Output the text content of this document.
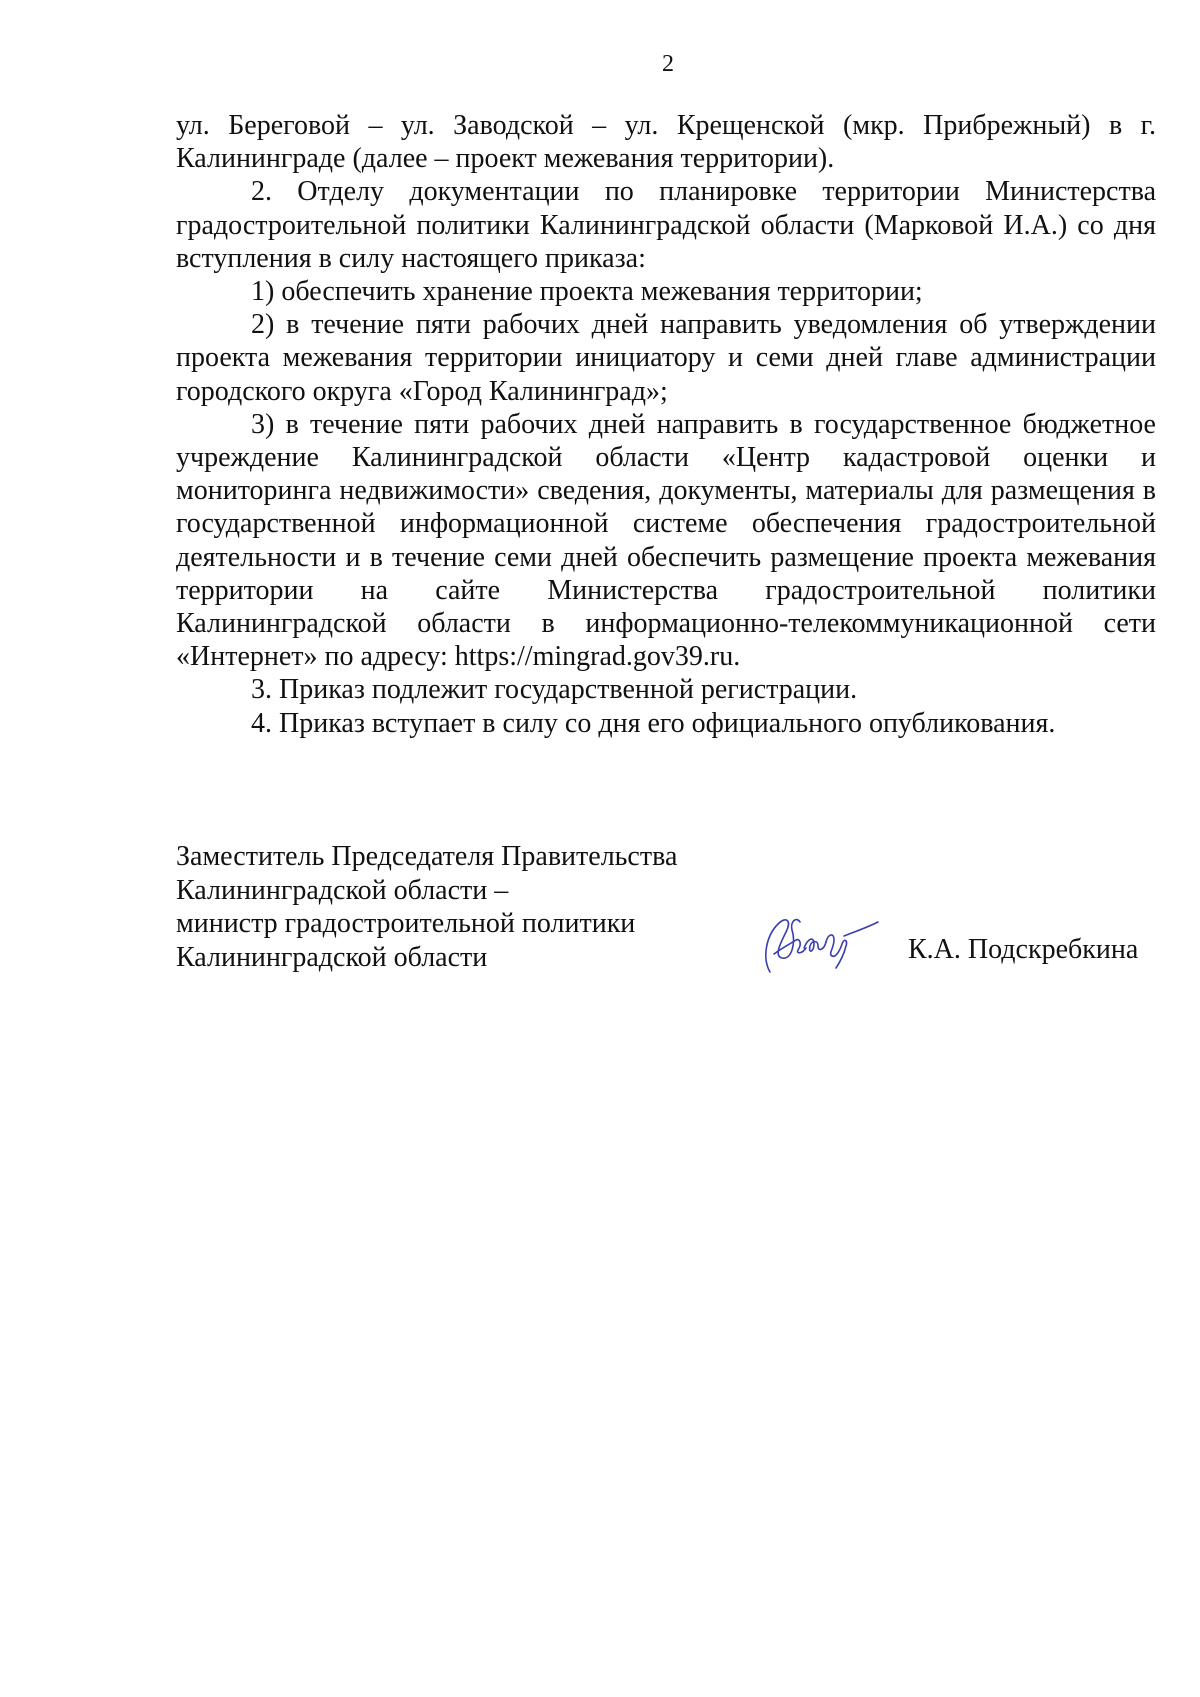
2

ул. Береговой – ул. Заводской – ул. Крещенской (мкр. Прибрежный) в г. Калининграде (далее – проект межевания территории).

2. Отделу документации по планировке территории Министерства градостроительной политики Калининградской области (Марковой И.А.) со дня вступления в силу настоящего приказа:

1) обеспечить хранение проекта межевания территории;

2) в течение пяти рабочих дней направить уведомления об утверждении проекта межевания территории инициатору и семи дней главе администрации городского округа «Город Калининград»;

3) в течение пяти рабочих дней направить в государственное бюджетное учреждение Калининградской области «Центр кадастровой оценки и мониторинга недвижимости» сведения, документы, материалы для размещения в государственной информационной системе обеспечения градостроительной деятельности и в течение семи дней обеспечить размещение проекта межевания территории на сайте Министерства градостроительной политики Калининградской области в информационно-телекоммуникационной сети «Интернет» по адресу: https://mingrad.gov39.ru.

3. Приказ подлежит государственной регистрации.

4. Приказ вступает в силу со дня его официального опубликования.

Заместитель Председателя Правительства
Калининградской области –
министр градостроительной политики
Калининградской области	К.А. Подскребкина
